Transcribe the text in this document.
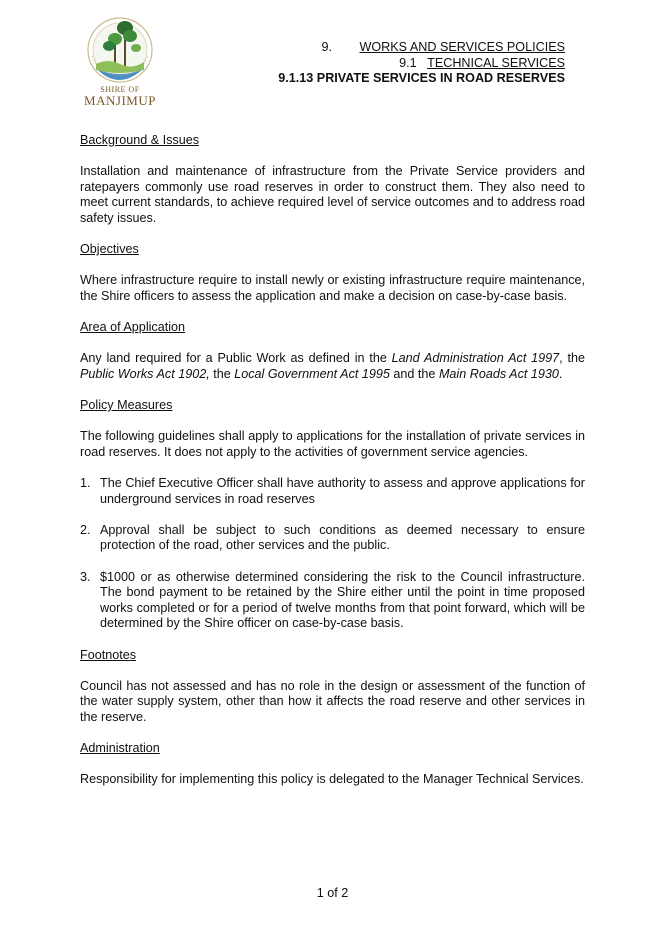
SHIRE OF
MANJIMUP
9. WORKS AND SERVICES POLICIES
9.1 TECHNICAL SERVICES
9.1.13 PRIVATE SERVICES IN ROAD RESERVES
Background & Issues
Installation and maintenance of infrastructure from the Private Service providers and ratepayers commonly use road reserves in order to construct them. They also need to meet current standards, to achieve required level of service outcomes and to address road safety issues.
Objectives
Where infrastructure require to install newly or existing infrastructure require maintenance, the Shire officers to assess the application and make a decision on case-by-case basis.
Area of Application
Any land required for a Public Work as defined in the Land Administration Act 1997, the Public Works Act 1902, the Local Government Act 1995 and the Main Roads Act 1930.
Policy Measures
The following guidelines shall apply to applications for the installation of private services in road reserves. It does not apply to the activities of government service agencies.
1. The Chief Executive Officer shall have authority to assess and approve applications for underground services in road reserves
2. Approval shall be subject to such conditions as deemed necessary to ensure protection of the road, other services and the public.
3. $1000 or as otherwise determined considering the risk to the Council infrastructure. The bond payment to be retained by the Shire either until the point in time proposed works completed or for a period of twelve months from that point forward, which will be determined by the Shire officer on case-by-case basis.
Footnotes
Council has not assessed and has no role in the design or assessment of the function of the water supply system, other than how it affects the road reserve and other services in the reserve.
Administration
Responsibility for implementing this policy is delegated to the Manager Technical Services.
1 of 2
